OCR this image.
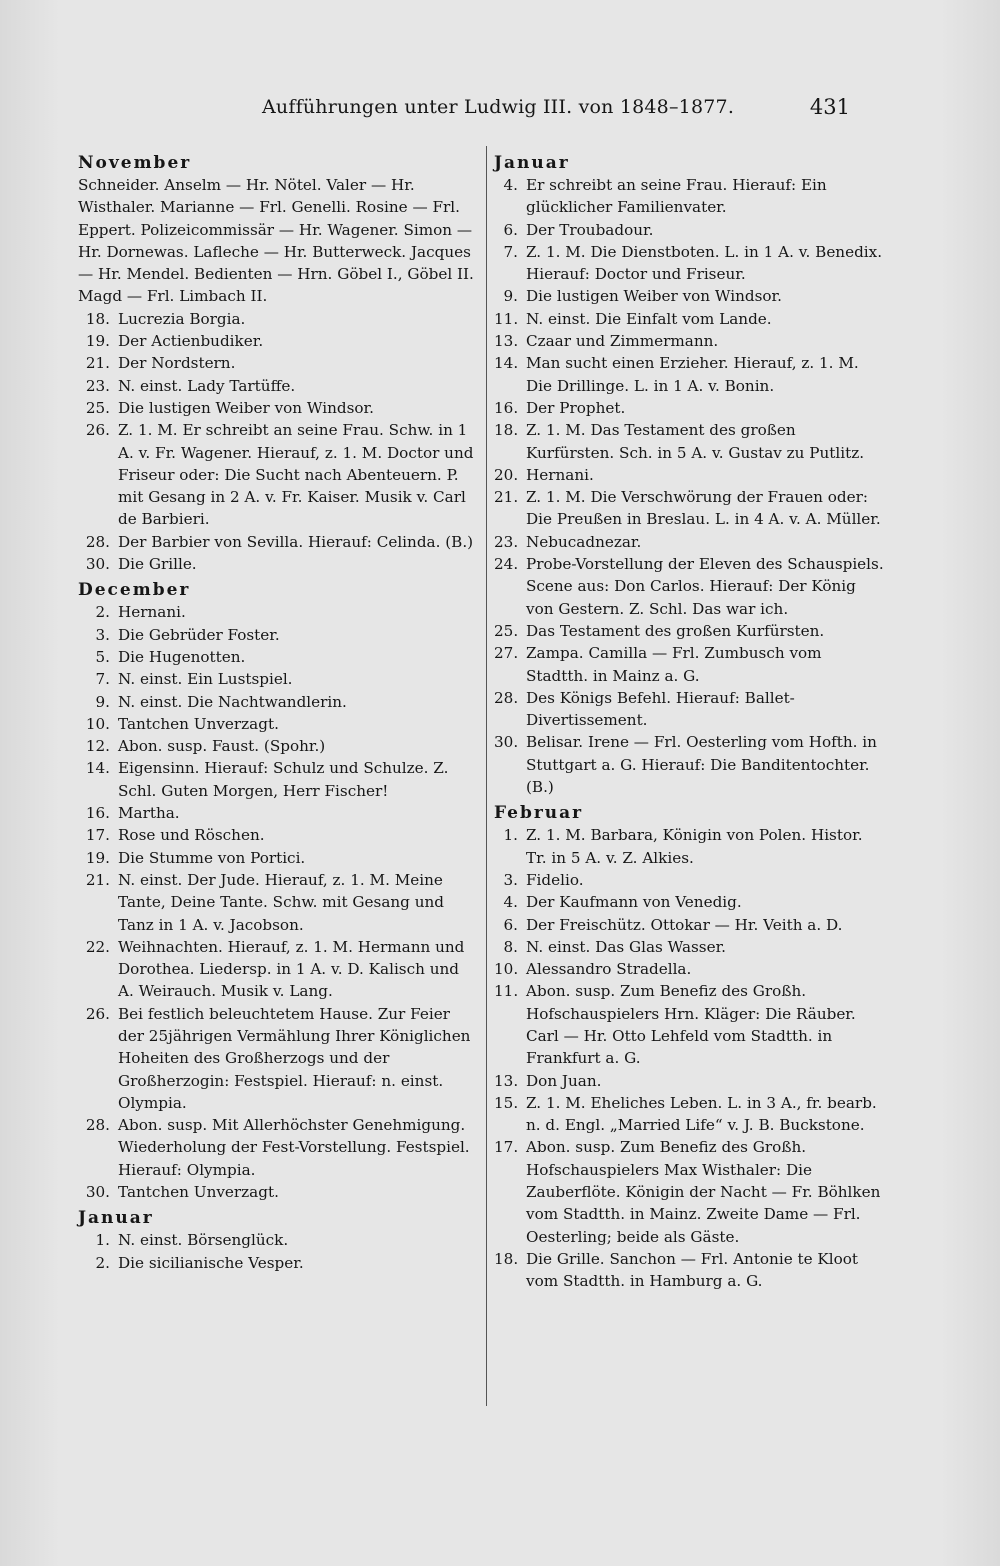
Aufführungen unter Ludwig III. von 1848–1877.	431
November
Schneider. Anselm — Hr. Nötel. Valer — Hr. Wisthaler. Marianne — Frl. Genelli. Rosine — Frl. Eppert. Polizeicommissär — Hr. Wagener. Simon — Hr. Dornewas. Lafleche — Hr. Butterweck. Jacques — Hr. Mendel. Bedienten — Hrn. Göbel I., Göbel II. Magd — Frl. Limbach II.
18. Lucrezia Borgia.
19. Der Actienbudiker.
21. Der Nordstern.
23. N. einst. Lady Tartüffe.
25. Die lustigen Weiber von Windsor.
26. Z. 1. M. Er schreibt an seine Frau. Schw. in 1 A. v. Fr. Wagener. Hierauf, z. 1. M. Doctor und Friseur oder: Die Sucht nach Abenteuern. P. mit Gesang in 2 A. v. Fr. Kaiser. Musik v. Carl de Barbieri.
28. Der Barbier von Sevilla. Hierauf: Celinda. (B.)
30. Die Grille.
December
2. Hernani.
3. Die Gebrüder Foster.
5. Die Hugenotten.
7. N. einst. Ein Lustspiel.
9. N. einst. Die Nachtwandlerin.
10. Tantchen Unverzagt.
12. Abon. susp. Faust. (Spohr.)
14. Eigensinn. Hierauf: Schulz und Schulze. Z. Schl. Guten Morgen, Herr Fischer!
16. Martha.
17. Rose und Röschen.
19. Die Stumme von Portici.
21. N. einst. Der Jude. Hierauf, z. 1. M. Meine Tante, Deine Tante. Schw. mit Gesang und Tanz in 1 A. v. Jacobson.
22. Weihnachten. Hierauf, z. 1. M. Hermann und Dorothea. Liedersp. in 1 A. v. D. Kalisch und A. Weirauch. Musik v. Lang.
26. Bei festlich beleuchtetem Hause. Zur Feier der 25jährigen Vermählung Ihrer Königlichen Hoheiten des Großherzogs und der Großherzogin: Festspiel. Hierauf: n. einst. Olympia.
28. Abon. susp. Mit Allerhöchster Genehmigung. Wiederholung der Fest-Vorstellung. Festspiel. Hierauf: Olympia.
30. Tantchen Unverzagt.
Januar
1. N. einst. Börsenglück.
2. Die sicilianische Vesper.
Januar
4. Er schreibt an seine Frau. Hierauf: Ein glücklicher Familienvater.
6. Der Troubadour.
7. Z. 1. M. Die Dienstboten. L. in 1 A. v. Benedix. Hierauf: Doctor und Friseur.
9. Die lustigen Weiber von Windsor.
11. N. einst. Die Einfalt vom Lande.
13. Czaar und Zimmermann.
14. Man sucht einen Erzieher. Hierauf, z. 1. M. Die Drillinge. L. in 1 A. v. Bonin.
16. Der Prophet.
18. Z. 1. M. Das Testament des großen Kurfürsten. Sch. in 5 A. v. Gustav zu Putlitz.
20. Hernani.
21. Z. 1. M. Die Verschwörung der Frauen oder: Die Preußen in Breslau. L. in 4 A. v. A. Müller.
23. Nebucadnezar.
24. Probe-Vorstellung der Eleven des Schauspiels. Scene aus: Don Carlos. Hierauf: Der König von Gestern. Z. Schl. Das war ich.
25. Das Testament des großen Kurfürsten.
27. Zampa. Camilla — Frl. Zumbusch vom Stadtth. in Mainz a. G.
28. Des Königs Befehl. Hierauf: Ballet-Divertissement.
30. Belisar. Irene — Frl. Oesterling vom Hofth. in Stuttgart a. G. Hierauf: Die Banditentochter. (B.)
Februar
1. Z. 1. M. Barbara, Königin von Polen. Histor. Tr. in 5 A. v. Z. Alkies.
3. Fidelio.
4. Der Kaufmann von Venedig.
6. Der Freischütz. Ottokar — Hr. Veith a. D.
8. N. einst. Das Glas Wasser.
10. Alessandro Stradella.
11. Abon. susp. Zum Benefiz des Großh. Hofschauspielers Hrn. Kläger: Die Räuber. Carl — Hr. Otto Lehfeld vom Stadtth. in Frankfurt a. G.
13. Don Juan.
15. Z. 1. M. Eheliches Leben. L. in 3 A., fr. bearb. n. d. Engl. „Married Life“ v. J. B. Buckstone.
17. Abon. susp. Zum Benefiz des Großh. Hofschauspielers Max Wisthaler: Die Zauberflöte. Königin der Nacht — Fr. Böhlken vom Stadtth. in Mainz. Zweite Dame — Frl. Oesterling; beide als Gäste.
18. Die Grille. Sanchon — Frl. Antonie te Kloot vom Stadtth. in Hamburg a. G.
